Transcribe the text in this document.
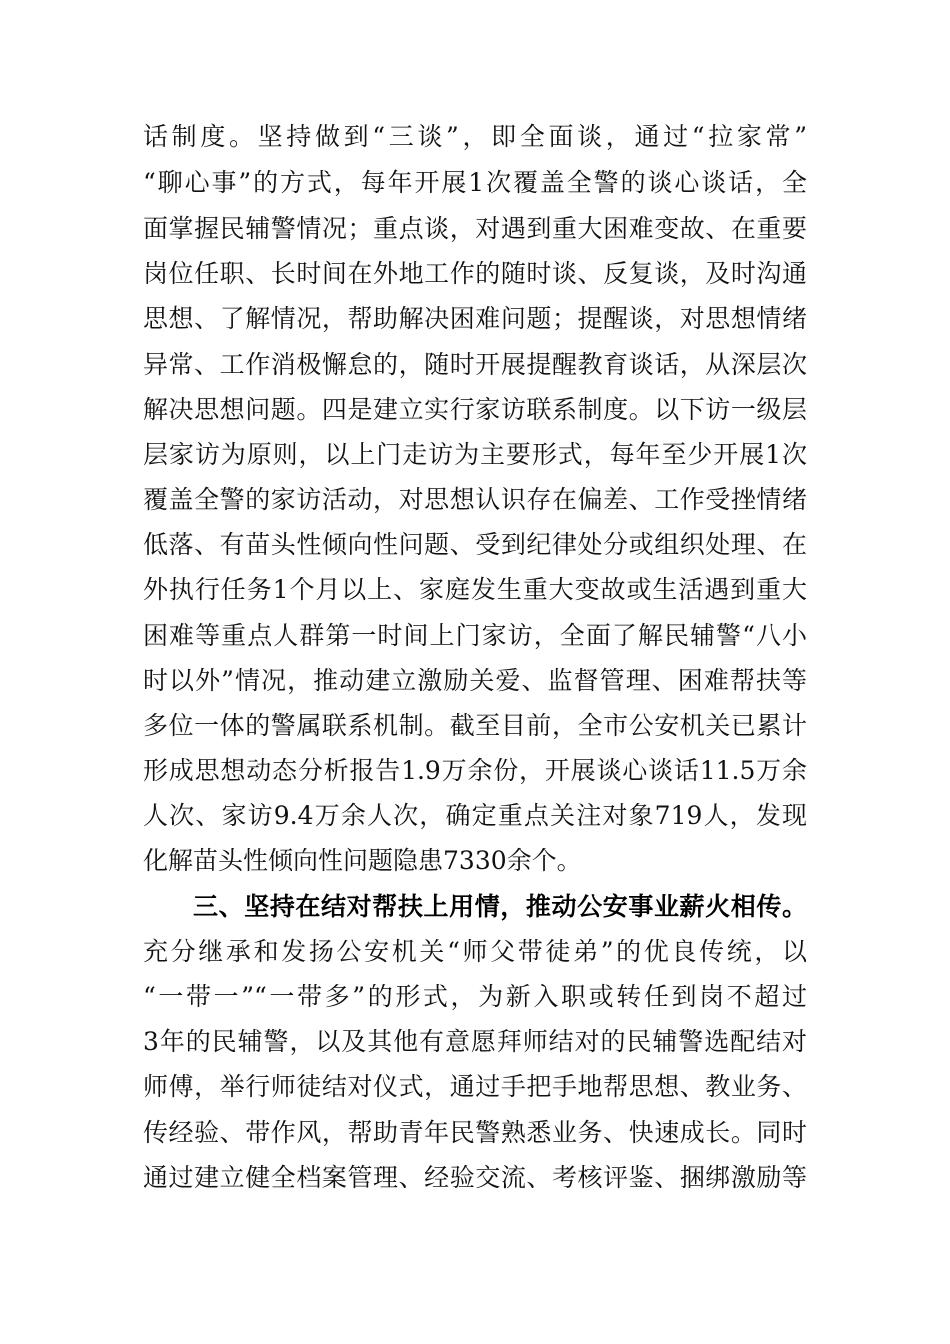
话制度。坚持做到“三谈”，即全面谈，通过“拉家常”
“聊心事”的方式，每年开展1次覆盖全警的谈心谈话，全
面掌握民辅警情况；重点谈，对遇到重大困难变故、在重要
岗位任职、长时间在外地工作的随时谈、反复谈，及时沟通
思想、了解情况，帮助解决困难问题；提醒谈，对思想情绪
异常、工作消极懈怠的，随时开展提醒教育谈话，从深层次
解决思想问题。四是建立实行家访联系制度。以下访一级层
层家访为原则，以上门走访为主要形式，每年至少开展1次
覆盖全警的家访活动，对思想认识存在偏差、工作受挫情绪
低落、有苗头性倾向性问题、受到纪律处分或组织处理、在
外执行任务1个月以上、家庭发生重大变故或生活遇到重大
困难等重点人群第一时间上门家访，全面了解民辅警“八小
时以外”情况，推动建立激励关爱、监督管理、困难帮扶等
多位一体的警属联系机制。截至目前，全市公安机关已累计
形成思想动态分析报告1.9万余份，开展谈心谈话11.5万余
人次、家访9.4万余人次，确定重点关注对象719人，发现
化解苗头性倾向性问题隐患7330余个。
三、坚持在结对帮扶上用情，推动公安事业薪火相传。
充分继承和发扬公安机关“师父带徒弟”的优良传统，以
“一带一”“一带多”的形式，为新入职或转任到岗不超过
3年的民辅警，以及其他有意愿拜师结对的民辅警选配结对
师傅，举行师徒结对仪式，通过手把手地帮思想、教业务、
传经验、带作风，帮助青年民警熟悉业务、快速成长。同时
通过建立健全档案管理、经验交流、考核评鉴、捆绑激励等
